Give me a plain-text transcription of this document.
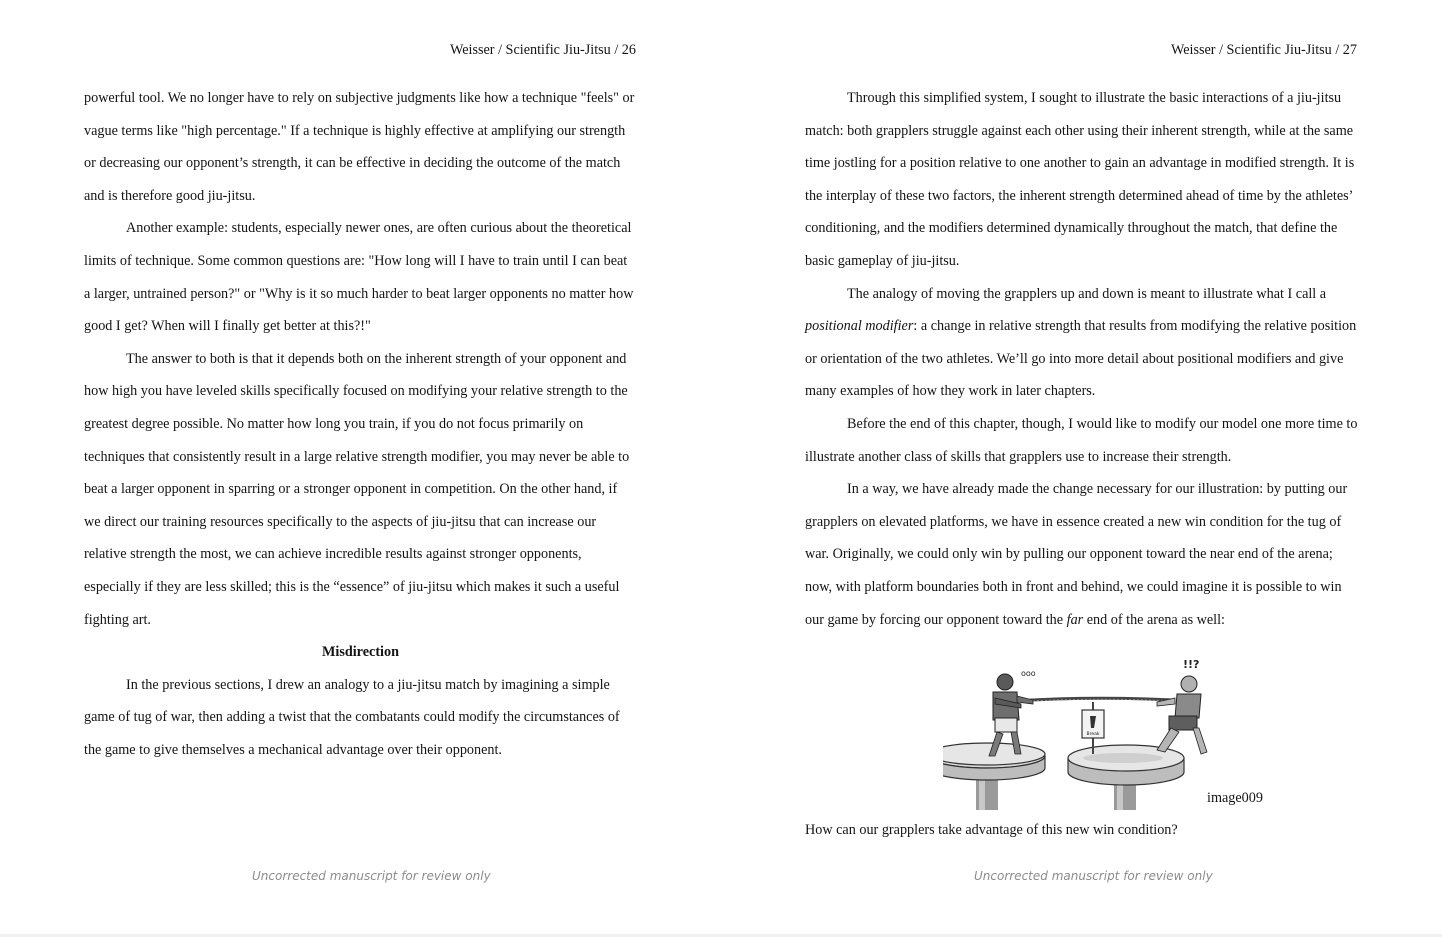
Weisser / Scientific Jiu-Jitsu / 26

powerful tool. We no longer have to rely on subjective judgments like how a technique "feels" or vague terms like "high percentage." If a technique is highly effective at amplifying our strength or decreasing our opponent’s strength, it can be effective in deciding the outcome of the match and is therefore good jiu-jitsu.

Another example: students, especially newer ones, are often curious about the theoretical limits of technique. Some common questions are: "How long will I have to train until I can beat a larger, untrained person?" or "Why is it so much harder to beat larger opponents no matter how good I get? When will I finally get better at this?!"

The answer to both is that it depends both on the inherent strength of your opponent and how high you have leveled skills specifically focused on modifying your relative strength to the greatest degree possible. No matter how long you train, if you do not focus primarily on techniques that consistently result in a large relative strength modifier, you may never be able to beat a larger opponent in sparring or a stronger opponent in competition. On the other hand, if we direct our training resources specifically to the aspects of jiu-jitsu that can increase our relative strength the most, we can achieve incredible results against stronger opponents, especially if they are less skilled; this is the “essence” of jiu-jitsu which makes it such a useful fighting art.

Misdirection

In the previous sections, I drew an analogy to a jiu-jitsu match by imagining a simple game of tug of war, then adding a twist that the combatants could modify the circumstances of the game to give themselves a mechanical advantage over their opponent.

Uncorrected manuscript for review only
Weisser / Scientific Jiu-Jitsu / 27

Through this simplified system, I sought to illustrate the basic interactions of a jiu-jitsu match: both grapplers struggle against each other using their inherent strength, while at the same time jostling for a position relative to one another to gain an advantage in modified strength. It is the interplay of these two factors, the inherent strength determined ahead of time by the athletes’ conditioning, and the modifiers determined dynamically throughout the match, that define the basic gameplay of jiu-jitsu.

The analogy of moving the grapplers up and down is meant to illustrate what I call a
positional modifier: a change in relative strength that results from modifying the relative position or orientation of the two athletes. We’ll go into more detail about positional modifiers and give many examples of how they work in later chapters.

Before the end of this chapter, though, I would like to modify our model one more time to illustrate another class of skills that grapplers use to increase their strength.

In a way, we have already made the change necessary for our illustration: by putting our grapplers on elevated platforms, we have in essence created a new win condition for the tug of war. Originally, we could only win by pulling our opponent toward the near end of the arena; now, with platform boundaries both in front and behind, we could imagine it is possible to win our game by forcing our opponent toward the far end of the arena as well:

Break
ooo
!!?
image009

How can our grapplers take advantage of this new win condition?

Uncorrected manuscript for review only
